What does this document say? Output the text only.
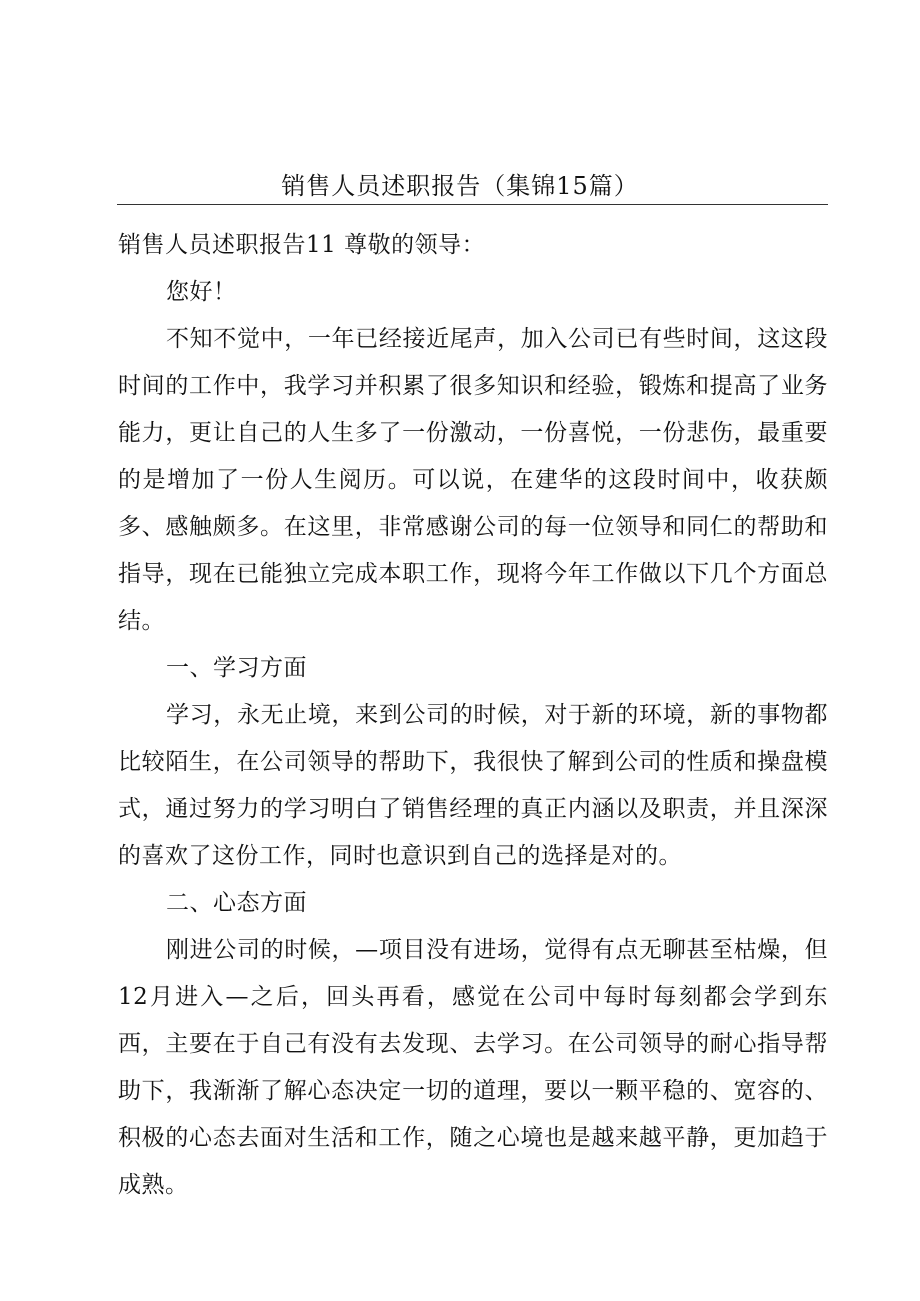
销售人员述职报告（集锦15篇）

销售人员述职报告11 尊敬的领导：

您好！

不知不觉中，一年已经接近尾声，加入公司已有些时间，这这段时间的工作中，我学习并积累了很多知识和经验，锻炼和提高了业务能力，更让自己的人生多了一份激动，一份喜悦，一份悲伤，最重要的是增加了一份人生阅历。可以说，在建华的这段时间中，收获颇多、感触颇多。在这里，非常感谢公司的每一位领导和同仁的帮助和指导，现在已能独立完成本职工作，现将今年工作做以下几个方面总结。

一、学习方面

学习，永无止境，来到公司的时候，对于新的环境，新的事物都比较陌生，在公司领导的帮助下，我很快了解到公司的性质和操盘模式，通过努力的学习明白了销售经理的真正内涵以及职责，并且深深的喜欢了这份工作，同时也意识到自己的选择是对的。

二、心态方面

刚进公司的时候，—项目没有进场，觉得有点无聊甚至枯燥，但12月进入—之后，回头再看，感觉在公司中每时每刻都会学到东西，主要在于自己有没有去发现、去学习。在公司领导的耐心指导帮助下，我渐渐了解心态决定一切的道理，要以一颗平稳的、宽容的、积极的心态去面对生活和工作，随之心境也是越来越平静，更加趋于成熟。
